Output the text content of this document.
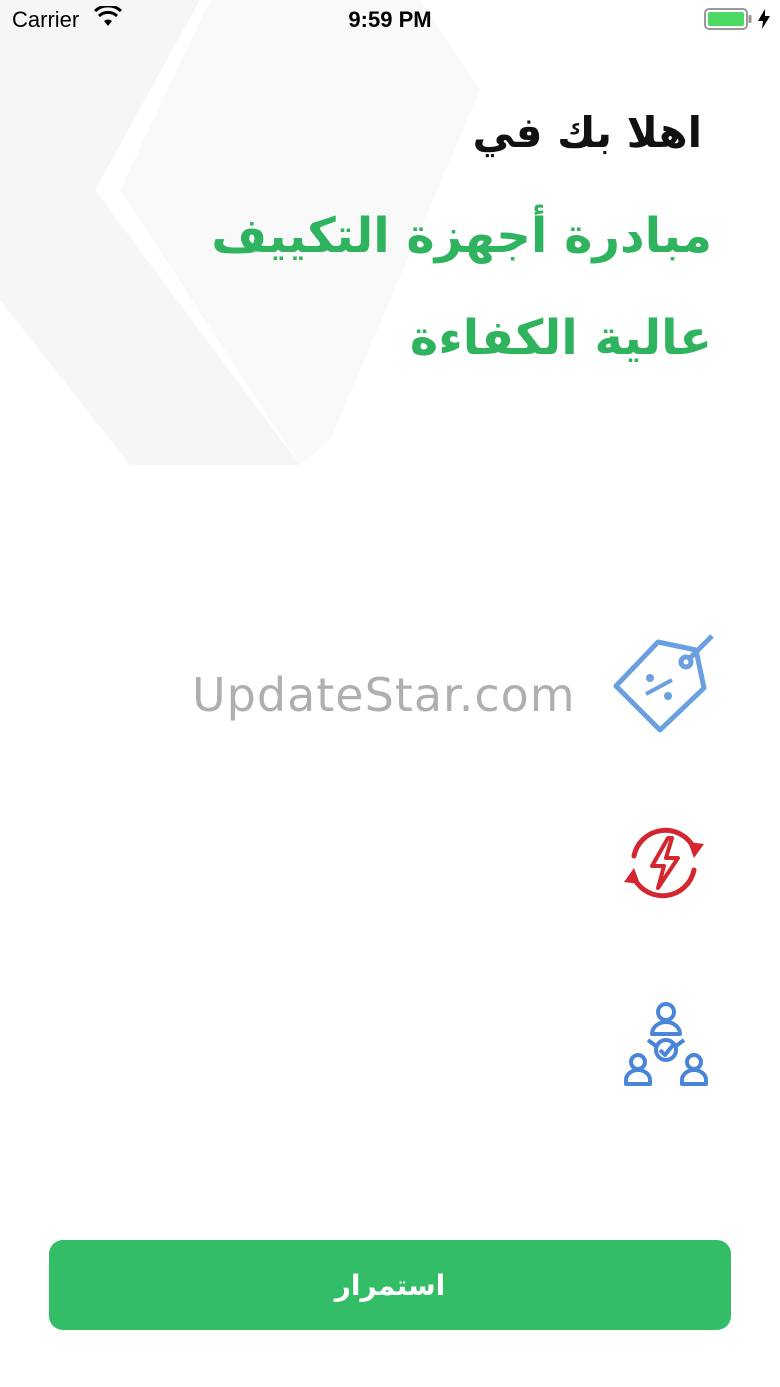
Carrier	9:59 PM
اهلا بك في
مبادرة أجهزة التكييف
عالية الكفاءة
UpdateStar.com
استمرار
